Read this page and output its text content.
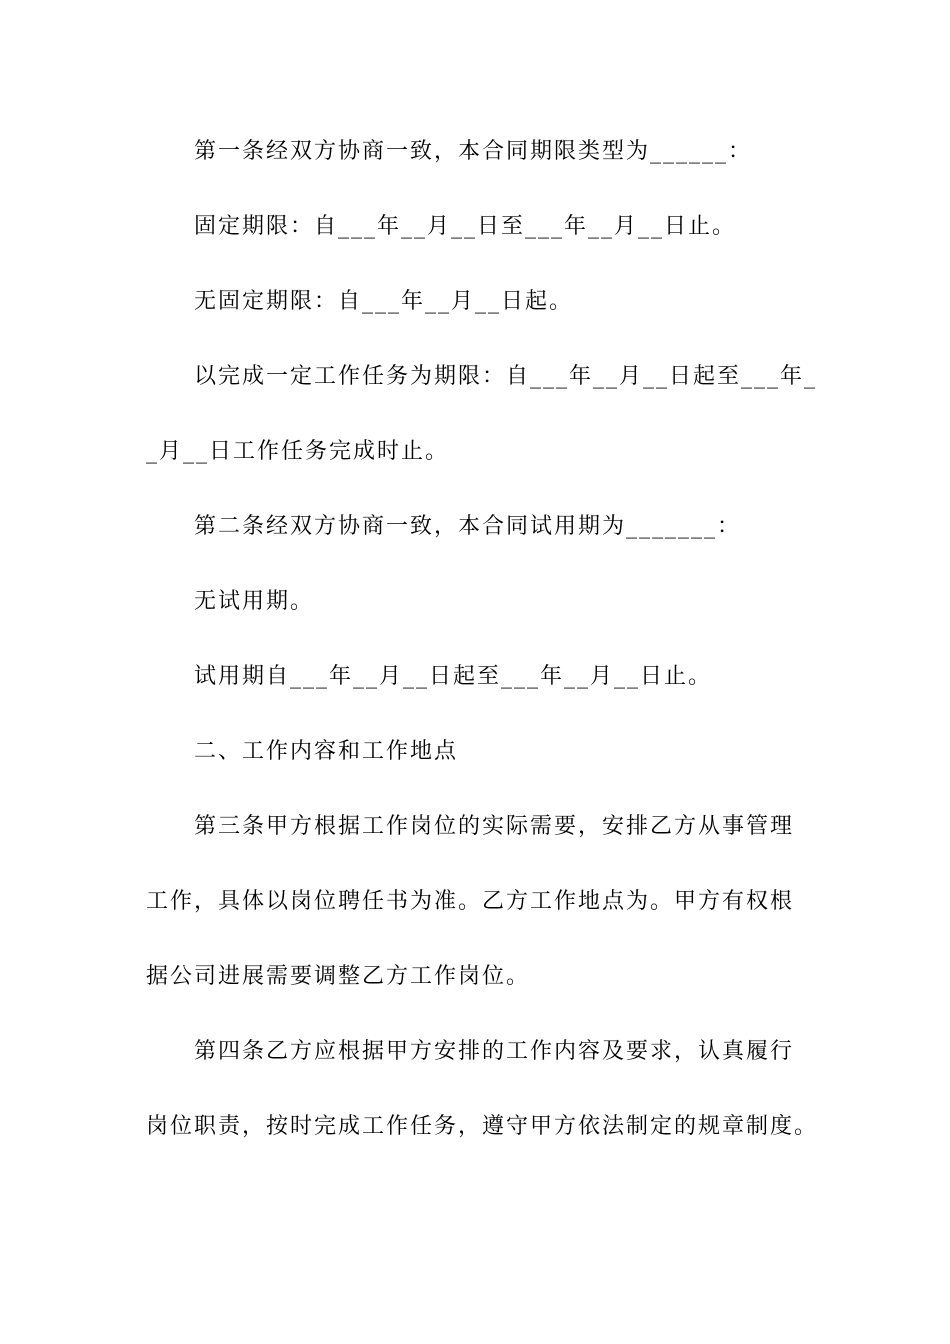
第一条经双方协商一致，本合同期限类型为______：
固定期限：自___年__月__日至___年__月__日止。
无固定期限：自___年__月__日起。
以完成一定工作任务为期限：自___年__月__日起至___年_
_月__日工作任务完成时止。
第二条经双方协商一致，本合同试用期为_______：
无试用期。
试用期自___年__月__日起至___年__月__日止。
二、工作内容和工作地点
第三条甲方根据工作岗位的实际需要，安排乙方从事管理
工作，具体以岗位聘任书为准。乙方工作地点为。甲方有权根
据公司进展需要调整乙方工作岗位。
第四条乙方应根据甲方安排的工作内容及要求，认真履行
岗位职责，按时完成工作任务，遵守甲方依法制定的规章制度。
